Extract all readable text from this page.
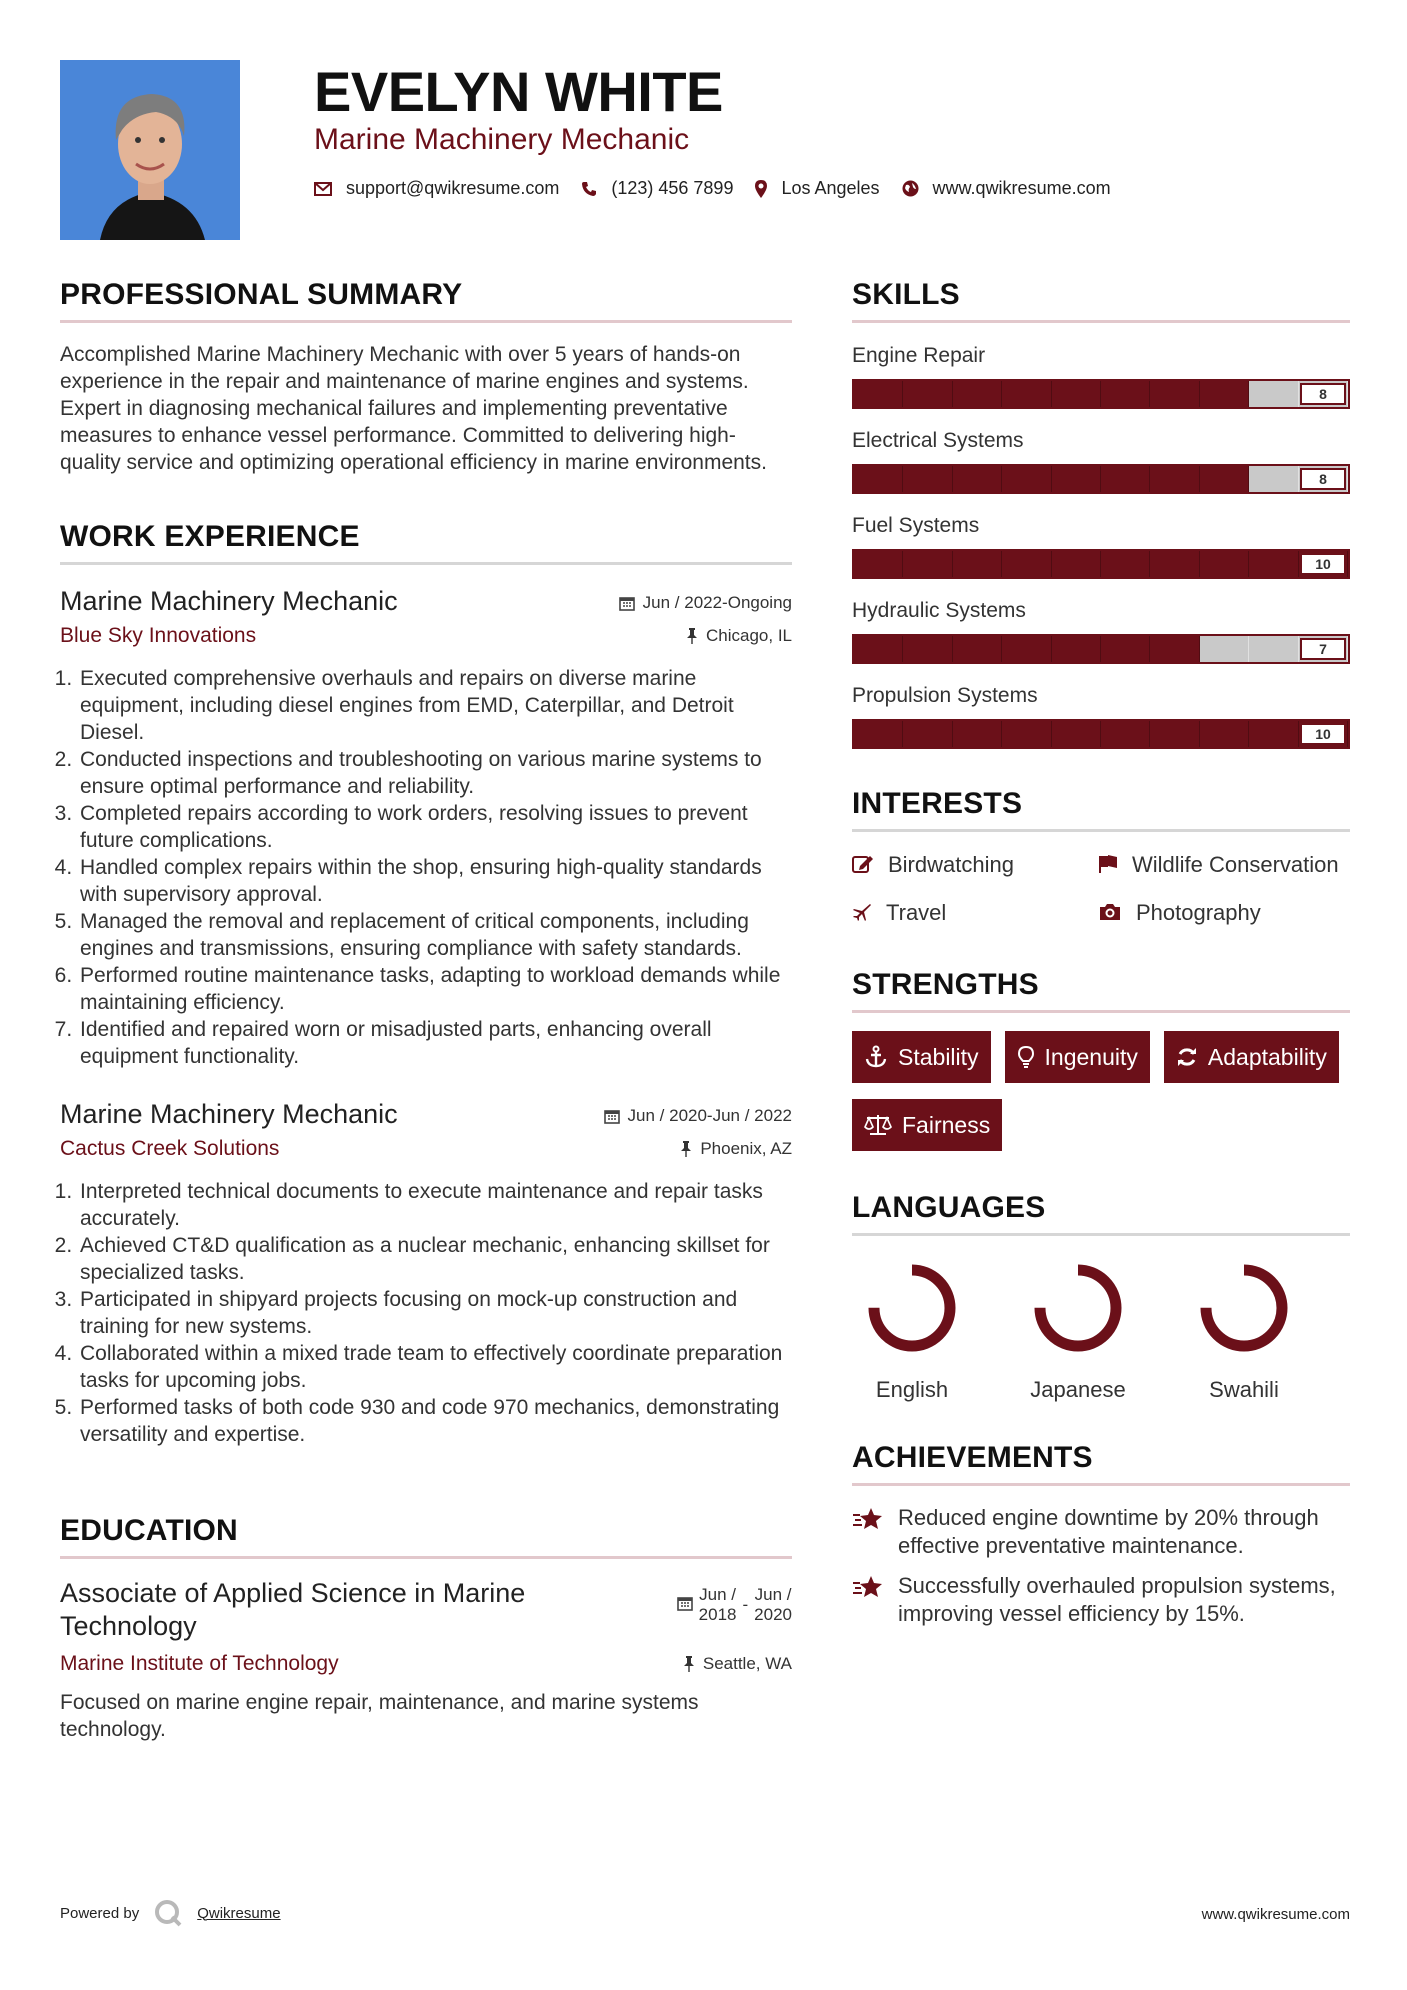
EVELYN WHITE
Marine Machinery Mechanic
support@qwikresume.com	(123) 456 7899	Los Angeles	www.qwikresume.com
PROFESSIONAL SUMMARY

Accomplished Marine Machinery Mechanic with over 5 years of hands-on experience in the repair and maintenance of marine engines and systems. Expert in diagnosing mechanical failures and implementing preventative measures to enhance vessel performance. Committed to delivering high-quality service and optimizing operational efficiency in marine environments.

WORK EXPERIENCE
Marine Machinery Mechanic	Jun / 2022-Ongoing
Blue Sky Innovations	Chicago, IL
1. Executed comprehensive overhauls and repairs on diverse marine equipment, including diesel engines from EMD, Caterpillar, and Detroit Diesel.
2. Conducted inspections and troubleshooting on various marine systems to ensure optimal performance and reliability.
3. Completed repairs according to work orders, resolving issues to prevent future complications.
4. Handled complex repairs within the shop, ensuring high-quality standards with supervisory approval.
5. Managed the removal and replacement of critical components, including engines and transmissions, ensuring compliance with safety standards.
6. Performed routine maintenance tasks, adapting to workload demands while maintaining efficiency.
7. Identified and repaired worn or misadjusted parts, enhancing overall equipment functionality.
Marine Machinery Mechanic	Jun / 2020-Jun / 2022
Cactus Creek Solutions	Phoenix, AZ
1. Interpreted technical documents to execute maintenance and repair tasks accurately.
2. Achieved CT&D qualification as a nuclear mechanic, enhancing skillset for specialized tasks.
3. Participated in shipyard projects focusing on mock-up construction and training for new systems.
4. Collaborated within a mixed trade team to effectively coordinate preparation tasks for upcoming jobs.
5. Performed tasks of both code 930 and code 970 mechanics, demonstrating versatility and expertise.
EDUCATION
Associate of Applied Science in Marine Technology
Jun /
2018
-
Jun /
2020
Marine Institute of Technology	Seattle, WA

Focused on marine engine repair, maintenance, and marine systems technology.

SKILLS
Engine Repair
8
Electrical Systems
8
Fuel Systems
10
Hydraulic Systems
7
Propulsion Systems
10
INTERESTS
Birdwatching	Wildlife Conservation
Travel	Photography
STRENGTHS
Stability	Ingenuity	Adaptability
Fairness
LANGUAGES
English	Japanese	Swahili
ACHIEVEMENTS
Reduced engine downtime by 20% through effective preventative maintenance.
Successfully overhauled propulsion systems, improving vessel efficiency by 15%.
Powered by	Qwikresume	www.qwikresume.com
